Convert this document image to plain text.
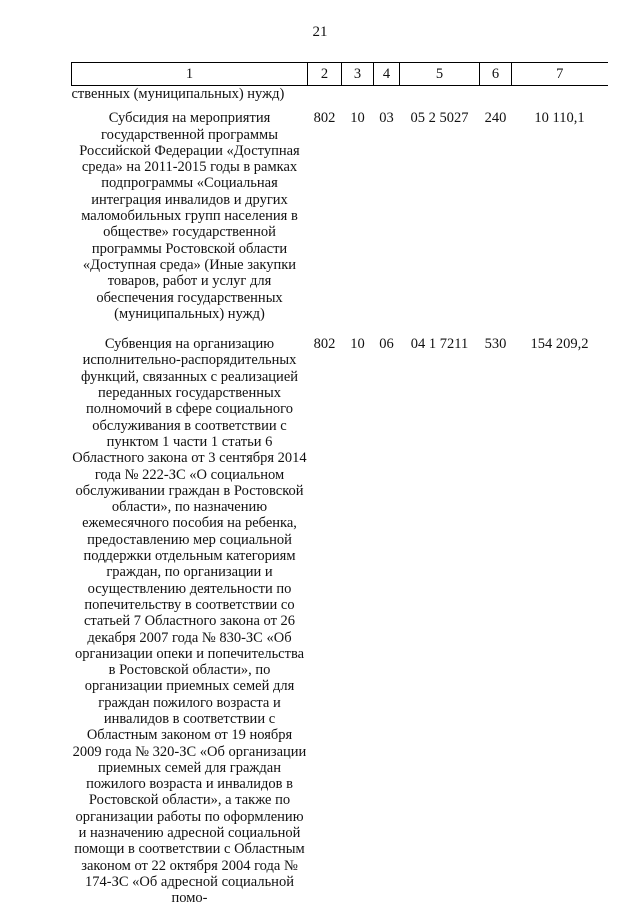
21
1	2	3	4	5	6	7
ственных (муниципальных) нужд)						
Субсидия на мероприятия государственной программы Российской Федерации «Доступная среда» на 2011-2015 годы в рамках подпрограммы «Социальная интеграция инвалидов и других маломобильных групп населения в обществе» государственной программы Ростовской области «Доступная среда» (Иные закупки товаров, работ и услуг для обеспечения государственных (муниципальных) нужд)	802	10	03	05 2 5027	240	10 110,1
Субвенция на организацию исполнительно-распорядительных функций, связанных с реализацией переданных государственных полномочий в сфере социального обслуживания в соответствии с пунктом 1 части 1 статьи 6 Областного закона от 3 сентября 2014 года № 222-ЗС «О социальном обслуживании граждан в Ростовской области», по назначению ежемесячного пособия на ребенка, предоставлению мер социальной поддержки отдельным категориям граждан, по организации и осуществлению деятельности по попечительству в соответствии со статьей 7 Областного закона от 26 декабря 2007 года № 830-ЗС «Об организации опеки и попечительства в Ростовской области», по организации приемных семей для граждан пожилого возраста и инвалидов в соответствии с Областным законом от 19 ноября 2009 года № 320-ЗС «Об организации приемных семей для граждан пожилого возраста и инвалидов в Ростовской области», а также по организации работы по оформлению и назначению адресной социальной помощи в соответствии с Областным законом от 22 октября 2004 года № 174-ЗС «Об адресной социальной помо-	802	10	06	04 1 7211	530	154 209,2
